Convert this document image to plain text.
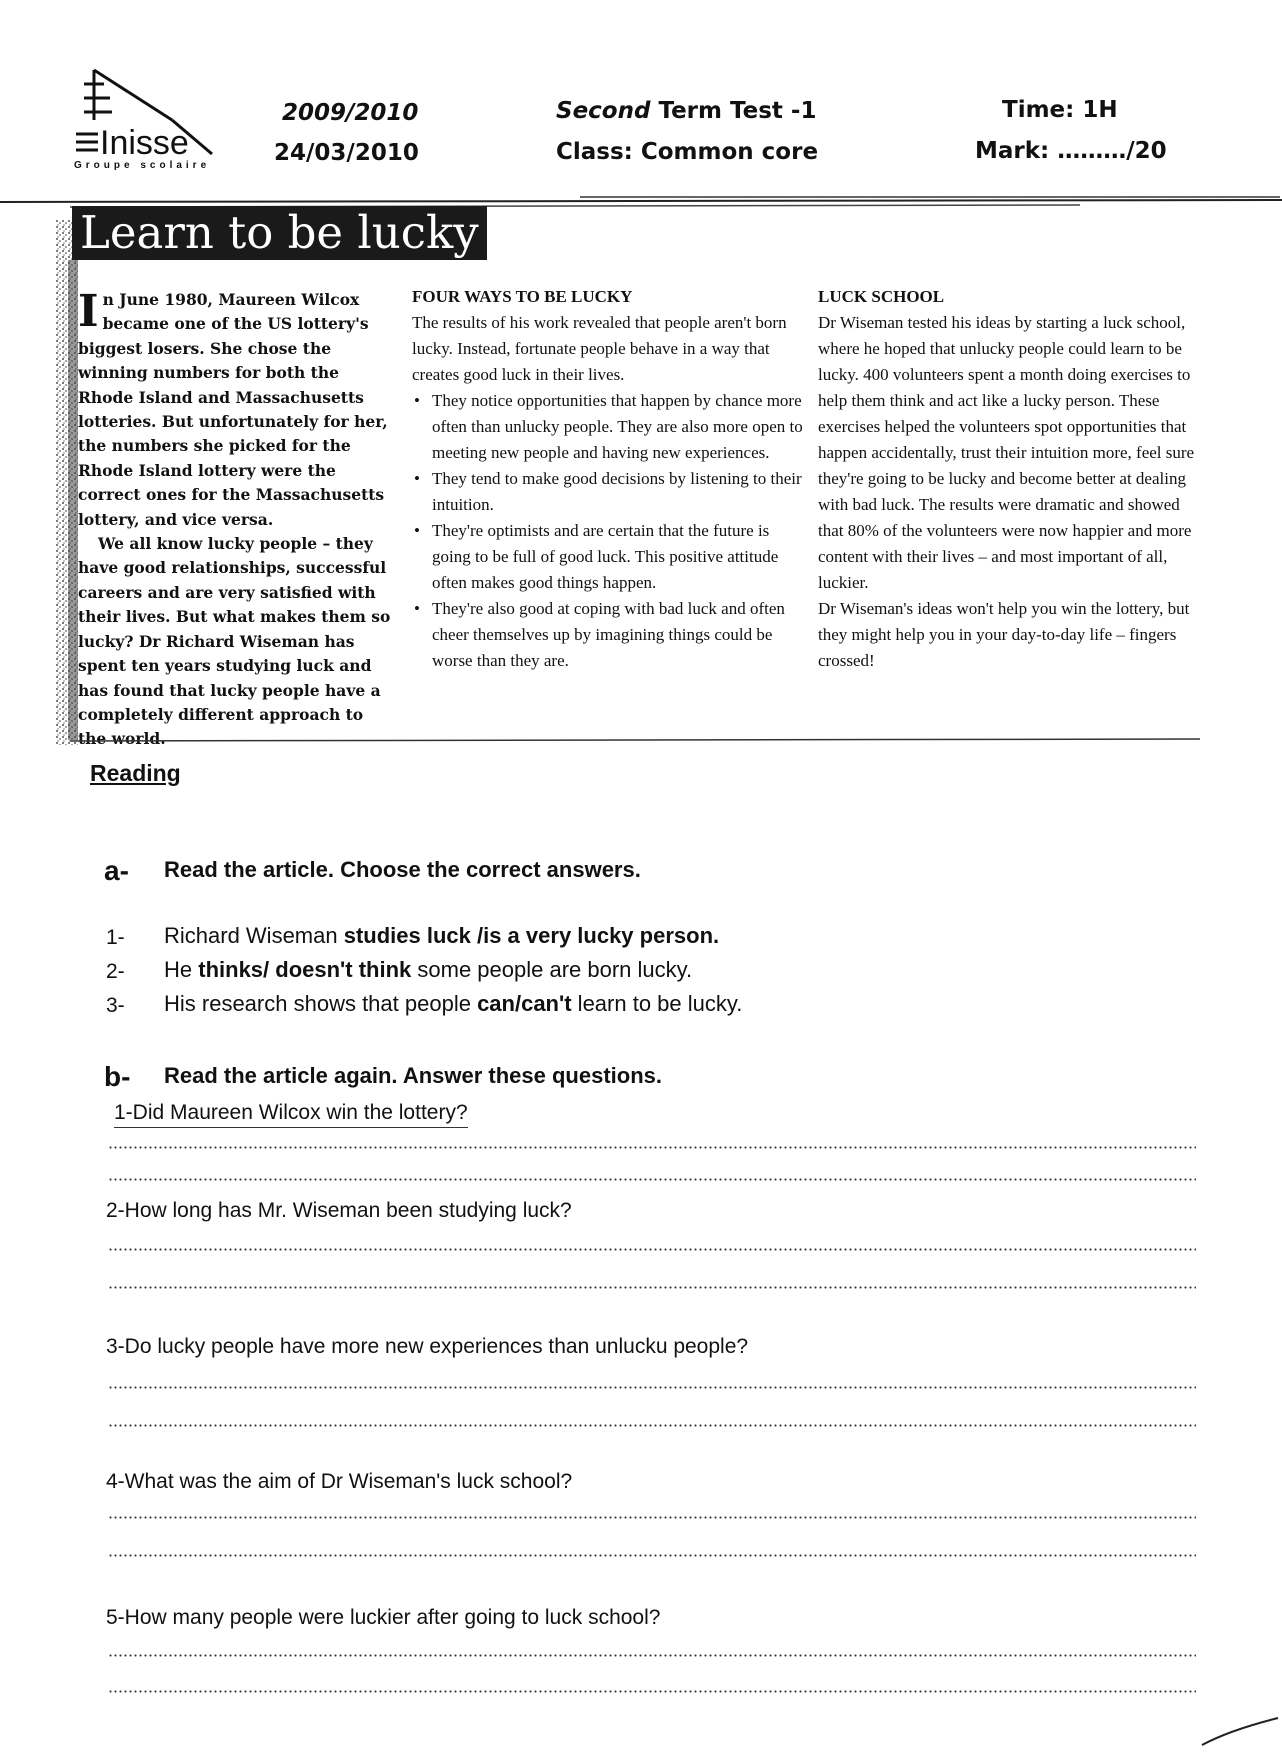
Inisse
Groupe scolaire
2009/2010
24/03/2010
Second Term Test -1
Class: Common core
Time: 1H
Mark: ………/20
Learn to be lucky
I n June 1980, Maureen Wilcox became one of the US lottery's biggest losers. She chose the winning numbers for both the Rhode Island and Massachusetts lotteries. But unfortunately for her, the numbers she picked for the Rhode Island lottery were the correct ones for the Massachusetts lottery, and vice versa.

We all know lucky people – they have good relationships, successful careers and are very satisfied with their lives. But what makes them so lucky? Dr Richard Wiseman has spent ten years studying luck and has found that lucky people have a completely different approach to the world.

FOUR WAYS TO BE LUCKY

The results of his work revealed that people aren't born lucky. Instead, fortunate people behave in a way that creates good luck in their lives.

• They notice opportunities that happen by chance more often than unlucky people. They are also more open to meeting new people and having new experiences.
• They tend to make good decisions by listening to their intuition.
• They're optimists and are certain that the future is going to be full of good luck. This positive attitude often makes good things happen.
• They're also good at coping with bad luck and often cheer themselves up by imagining things could be worse than they are.

LUCK SCHOOL

Dr Wiseman tested his ideas by starting a luck school, where he hoped that unlucky people could learn to be lucky. 400 volunteers spent a month doing exercises to help them think and act like a lucky person. These exercises helped the volunteers spot opportunities that happen accidentally, trust their intuition more, feel sure they're going to be lucky and become better at dealing with bad luck. The results were dramatic and showed that 80% of the volunteers were now happier and more content with their lives – and most important of all, luckier.

Dr Wiseman's ideas won't help you win the lottery, but they might help you in your day-to-day life – fingers crossed!

Reading
a- Read the article. Choose the correct answers.
1- Richard Wiseman studies luck /is a very lucky person.
2- He thinks/ doesn't think some people are born lucky.
3- His research shows that people can/can't learn to be lucky.
b- Read the article again. Answer these questions.
1-Did Maureen Wilcox win the lottery?
2-How long has Mr. Wiseman been studying luck?
3-Do lucky people have more new experiences than unlucku people?
4-What was the aim of Dr Wiseman's luck school?
5-How many people were luckier after going to luck school?
